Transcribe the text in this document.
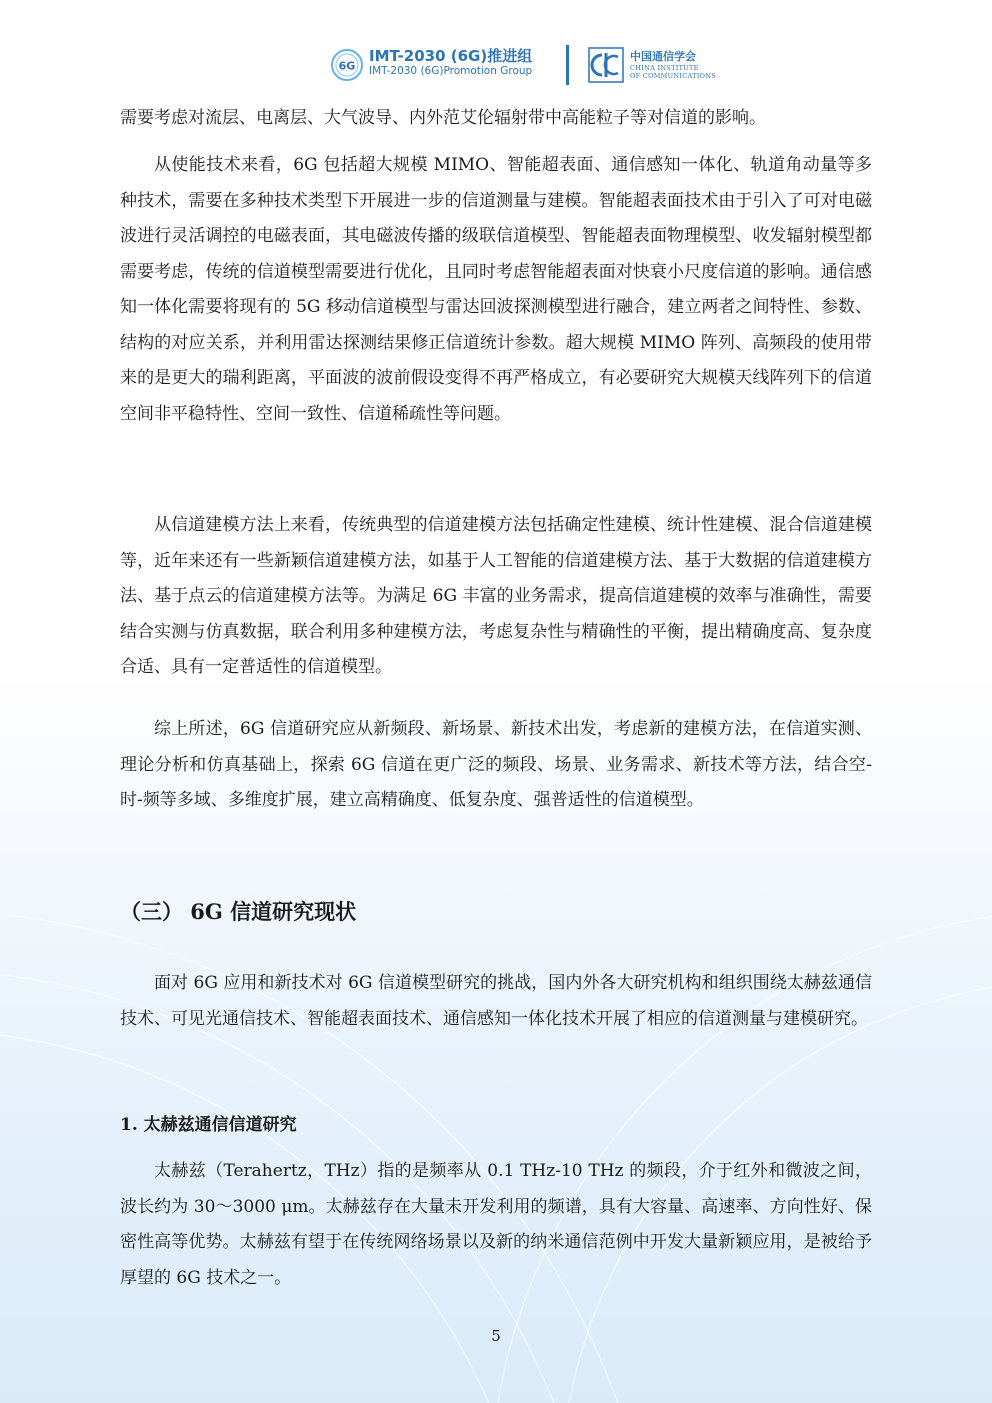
6G
IMT-2030 (6G)推进组
IMT-2030 (6G)Promotion Group
中国通信学会
CHINA INSTITUTE
OF COMMUNICATIONS

需要考虑对流层、电离层、大气波导、内外范艾伦辐射带中高能粒子等对信道的影响。

从使能技术来看，6G 包括超大规模 MIMO、智能超表面、通信感知一体化、轨道角动量等多种技术，需要在多种技术类型下开展进一步的信道测量与建模。智能超表面技术由于引入了可对电磁波进行灵活调控的电磁表面，其电磁波传播的级联信道模型、智能超表面物理模型、收发辐射模型都需要考虑，传统的信道模型需要进行优化，且同时考虑智能超表面对快衰小尺度信道的影响。通信感知一体化需要将现有的 5G 移动信道模型与雷达回波探测模型进行融合，建立两者之间特性、参数、结构的对应关系，并利用雷达探测结果修正信道统计参数。超大规模 MIMO 阵列、高频段的使用带来的是更大的瑞利距离，平面波的波前假设变得不再严格成立，有必要研究大规模天线阵列下的信道空间非平稳特性、空间一致性、信道稀疏性等问题。

从信道建模方法上来看，传统典型的信道建模方法包括确定性建模、统计性建模、混合信道建模等，近年来还有一些新颖信道建模方法，如基于人工智能的信道建模方法、基于大数据的信道建模方法、基于点云的信道建模方法等。为满足 6G 丰富的业务需求，提高信道建模的效率与准确性，需要结合实测与仿真数据，联合利用多种建模方法，考虑复杂性与精确性的平衡，提出精确度高、复杂度合适、具有一定普适性的信道模型。

综上所述，6G 信道研究应从新频段、新场景、新技术出发，考虑新的建模方法，在信道实测、理论分析和仿真基础上，探索 6G 信道在更广泛的频段、场景、业务需求、新技术等方法，结合空-时-频等多域、多维度扩展，建立高精确度、低复杂度、强普适性的信道模型。

（三） 6G 信道研究现状

面对 6G 应用和新技术对 6G 信道模型研究的挑战，国内外各大研究机构和组织围绕太赫兹通信技术、可见光通信技术、智能超表面技术、通信感知一体化技术开展了相应的信道测量与建模研究。

1. 太赫兹通信信道研究

太赫兹（Terahertz，THz）指的是频率从 0.1 THz-10 THz 的频段，介于红外和微波之间，波长约为 30～3000 μm。太赫兹存在大量未开发利用的频谱，具有大容量、高速率、方向性好、保密性高等优势。太赫兹有望于在传统网络场景以及新的纳米通信范例中开发大量新颖应用，是被给予厚望的 6G 技术之一。

5
